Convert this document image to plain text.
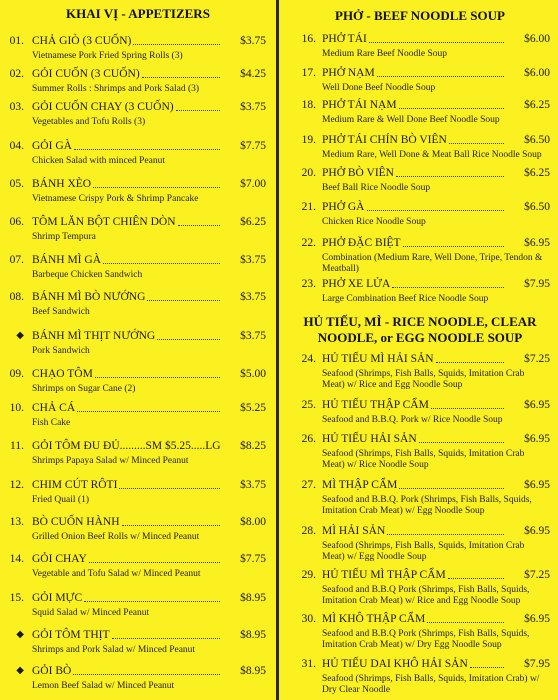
KHAI VỊ - APPETIZERS
01. CHẢ GIÒ (3 CUỐN)	$3.75
Vietnamese Pork Fried Spring Rolls (3)
02. GỎI CUỐN (3 CUỐN)	$4.25
Summer Rolls : Shrimps and Pork Salad (3)
03. GỎI CUỐN CHAY (3 CUỐN)	$3.75
Vegetables and Tofu Rolls (3)
04. GỎI GÀ	$7.75
Chicken Salad with minced Peanut
05. BÁNH XÈO	$7.00
Vietnamese Crispy Pork & Shrimp Pancake
06. TÔM LĂN BỘT CHIÊN DÒN	$6.25
Shrimp Tempura
07. BÁNH MÌ GÀ	$3.75
Barbeque Chicken Sandwich
08. BÁNH MÌ BÒ NƯỚNG	$3.75
Beef Sandwich
◆ BÁNH MÌ THỊT NƯỚNG	$3.75
Pork Sandwich
09. CHẠO TÔM	$5.00
Shrimps on Sugar Cane (2)
10. CHẢ CÁ	$5.25
Fish Cake
11. GỎI TÔM ĐU ĐỦ.........SM $5.25.....LG	$8.25
Shrimps Papaya Salad w/ Minced Peanut
12. CHIM CÚT RÔTI	$3.75
Fried Quail (1)
13. BÒ CUỐN HÀNH	$8.00
Grilled Onion Beef Rolls w/ Minced Peanut
14. GỎI CHAY	$7.75
Vegetable and Tofu Salad w/ Minced Peanut
15. GỎI MỰC	$8.95
Squid Salad w/ Minced Peanut
◆ GỎI TÔM THỊT	$8.95
Shrimps and Pork Salad w/ Minced Peanut
◆ GỎI BÒ	$8.95
Lemon Beef Salad w/ Minced Peanut
PHỞ - BEEF NOODLE SOUP
16. PHỞ TÁI	$6.00
Medium Rare Beef Noodle Soup
17. PHỞ NẠM	$6.00
Well Done Beef Noodle Soup
18. PHỞ TÁI NẠM	$6.25
Medium Rare & Well Done Beef Noodle Soup
19. PHỞ TÁI CHÍN BÒ VIÊN	$6.50
Medium Rare, Well Done & Meat Ball Rice Noodle Soup
20. PHỞ BÒ VIÊN	$6.25
Beef Ball Rice Noodle Soup
21. PHỞ GÀ	$6.50
Chicken Rice Noodle Soup
22. PHỞ ĐẶC BIỆT	$6.95
Combination (Medium Rare, Well Done, Tripe, Tendon & Meatball)
23. PHỞ XE LỬA	$7.95
Large Combination Beef Rice Noodle Soup
HỦ TIẾU, MÌ - RICE NOODLE, CLEAR NOODLE, or EGG NOODLE SOUP
24. HỦ TIẾU MÌ HẢI SẢN	$7.25
Seafood (Shrimps, Fish Balls, Squids, Imitation Crab Meat) w/ Rice and Egg Noodle Soup
25. HỦ TIẾU THẬP CẨM	$6.95
Seafood and B.B.Q. Pork w/ Rice Noodle Soup
26. HỦ TIẾU HẢI SẢN	$6.95
Seafood (Shrimps, Fish Balls, Squids, Imitation Crab Meat) w/ Rice Noodle Soup
27. MÌ THẬP CẨM	$6.95
Seafood and B.B.Q. Pork (Shrimps, Fish Balls, Squids, Imitation Crab Meat) w/ Egg Noodle Soup
28. MÌ HẢI SẢN	$6.95
Seafood (Shrimps, Fish Balls, Squids, Imitation Crab Meat) w/ Egg Noodle Soup
29. HỦ TIẾU MÌ THẬP CẨM	$7.25
Seafood and B.B.Q Pork (Shrimps, Fish Balls, Squids, Imitation Crab Meat) w/ Rice and Egg Noodle Soup
30. MÌ KHÔ THẬP CẨM	$6.95
Seafood and B.B.Q Pork (Shrimps, Fish Balls, Squids, Imitation Crab Meat) w/ Dry Egg Noodle Soup
31. HỦ TIẾU DAI KHÔ HẢI SẢN	$7.95
Seafood (Shrimps, Fish Balls, Squids, Imitation Crab) w/ Dry Clear Noodle
